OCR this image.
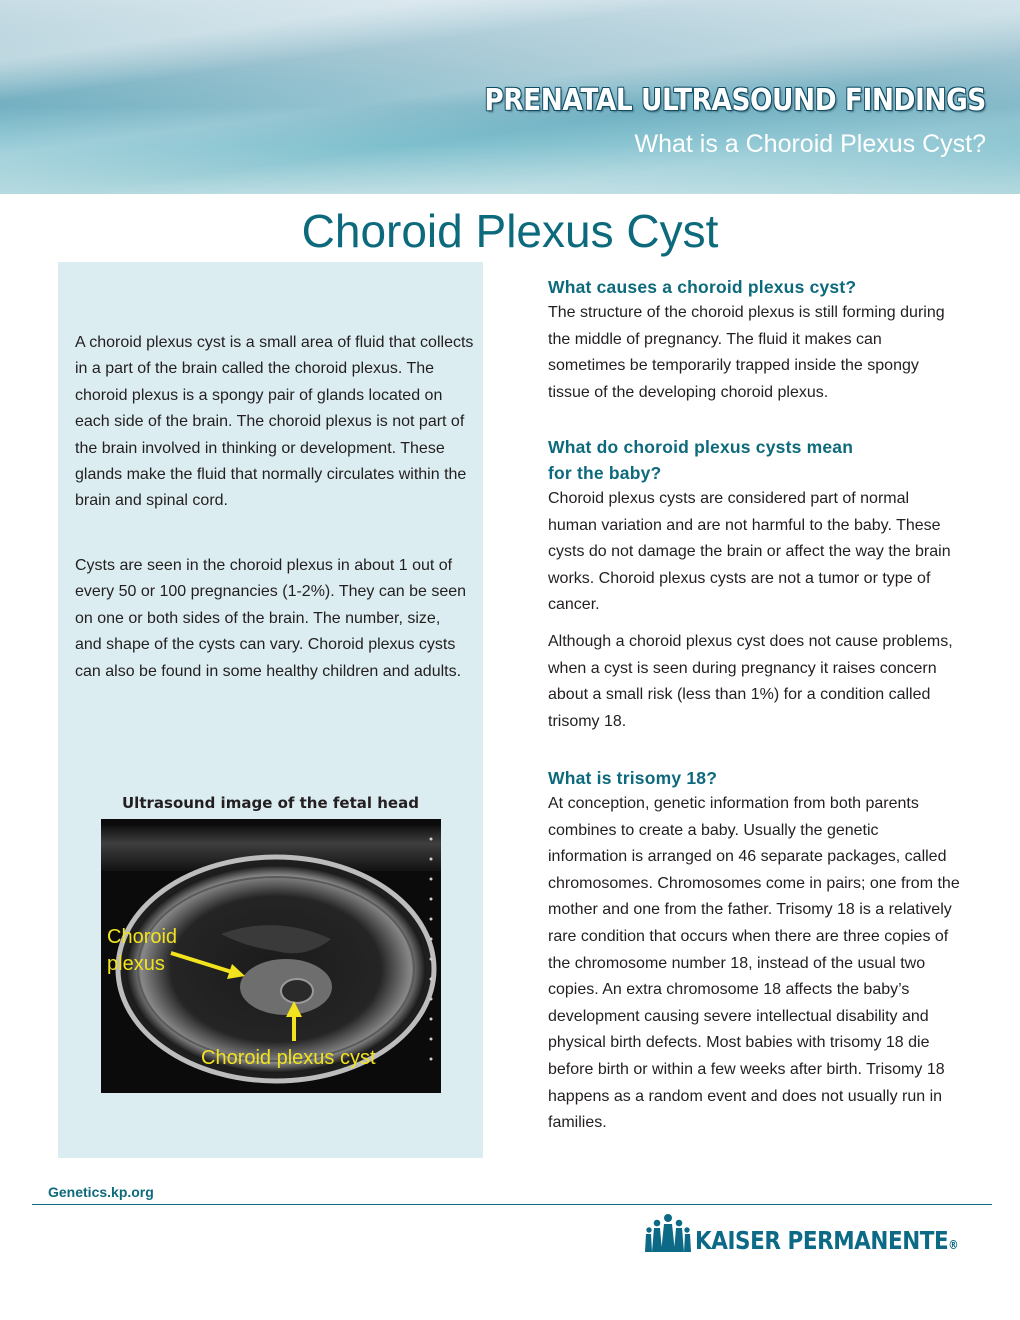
PRENATAL ULTRASOUND FINDINGS
What is a Choroid Plexus Cyst?
Choroid Plexus Cyst

A choroid plexus cyst is a small area of fluid that collects in a part of the brain called the choroid plexus. The choroid plexus is a spongy pair of glands located on each side of the brain. The choroid plexus is not part of the brain involved in thinking or development. These glands make the fluid that normally circulates within the brain and spinal cord.

Cysts are seen in the choroid plexus in about 1 out of every 50 or 100 pregnancies (1-2%). They can be seen on one or both sides of the brain. The number, size, and shape of the cysts can vary. Choroid plexus cysts can also be found in some healthy children and adults.

Ultrasound image of the fetal head
Choroid
plexus
Choroid plexus cyst

What causes a choroid plexus cyst?

The structure of the choroid plexus is still forming during the middle of pregnancy. The fluid it makes can sometimes be temporarily trapped inside the spongy tissue of the developing choroid plexus.

What do choroid plexus cysts mean

for the baby?

Choroid plexus cysts are considered part of normal human variation and are not harmful to the baby. These cysts do not damage the brain or affect the way the brain works. Choroid plexus cysts are not a tumor or type of cancer.

Although a choroid plexus cyst does not cause problems, when a cyst is seen during pregnancy it raises concern about a small risk (less than 1%) for a condition called trisomy 18.

What is trisomy 18?

At conception, genetic information from both parents combines to create a baby. Usually the genetic information is arranged on 46 separate packages, called chromosomes. Chromosomes come in pairs; one from the mother and one from the father. Trisomy 18 is a relatively rare condition that occurs when there are three copies of the chromosome number 18, instead of the usual two copies. An extra chromosome 18 affects the baby’s development causing severe intellectual disability and physical birth defects. Most babies with trisomy 18 die before birth or within a few weeks after birth. Trisomy 18 happens as a random event and does not usually run in families.

Genetics.kp.org
KAISER PERMANENTE®
